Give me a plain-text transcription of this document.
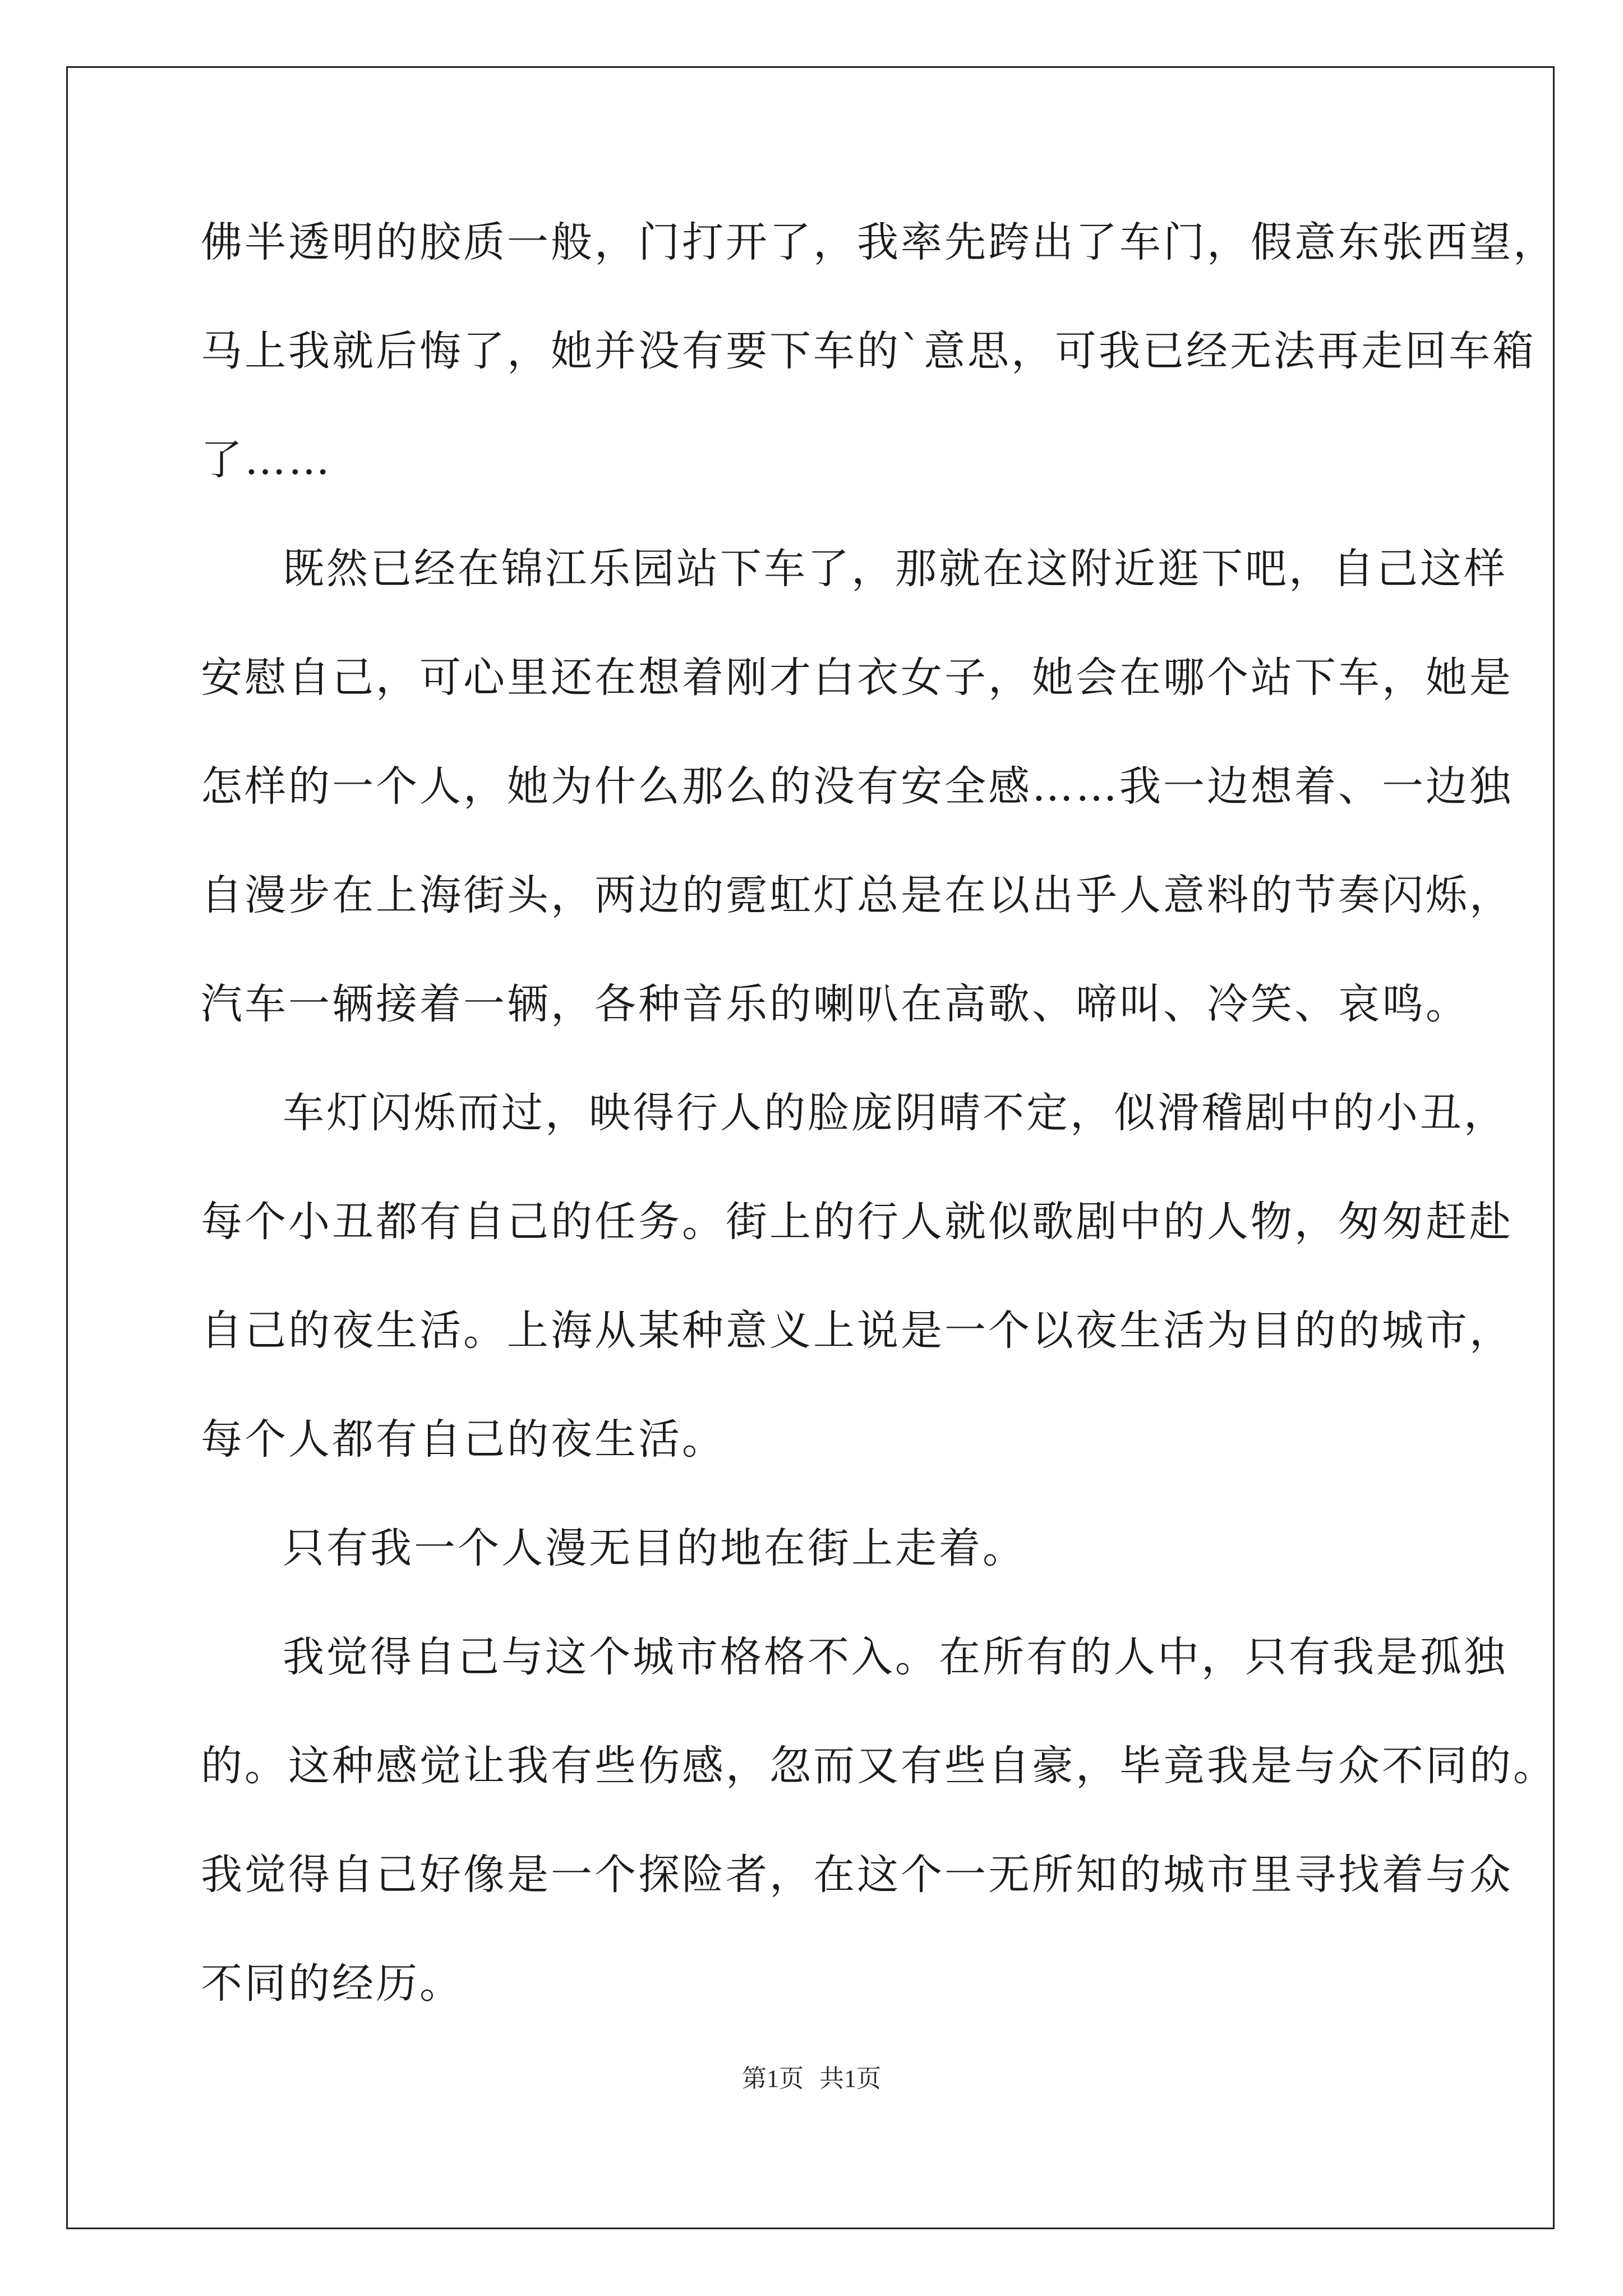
佛半透明的胶质一般，门打开了，我率先跨出了车门，假意东张西望，
马上我就后悔了，她并没有要下车的`意思，可我已经无法再走回车箱
了……
既然已经在锦江乐园站下车了，那就在这附近逛下吧，自己这样
安慰自己，可心里还在想着刚才白衣女子，她会在哪个站下车，她是
怎样的一个人，她为什么那么的没有安全感……我一边想着、一边独
自漫步在上海街头，两边的霓虹灯总是在以出乎人意料的节奏闪烁，
汽车一辆接着一辆，各种音乐的喇叭在高歌、啼叫、冷笑、哀鸣。
车灯闪烁而过，映得行人的脸庞阴晴不定，似滑稽剧中的小丑，
每个小丑都有自己的任务。街上的行人就似歌剧中的人物，匆匆赶赴
自己的夜生活。上海从某种意义上说是一个以夜生活为目的的城市，
每个人都有自己的夜生活。
只有我一个人漫无目的地在街上走着。
我觉得自己与这个城市格格不入。在所有的人中，只有我是孤独
的。这种感觉让我有些伤感，忽而又有些自豪，毕竟我是与众不同的。
我觉得自己好像是一个探险者，在这个一无所知的城市里寻找着与众
不同的经历。
第1页 共1页
